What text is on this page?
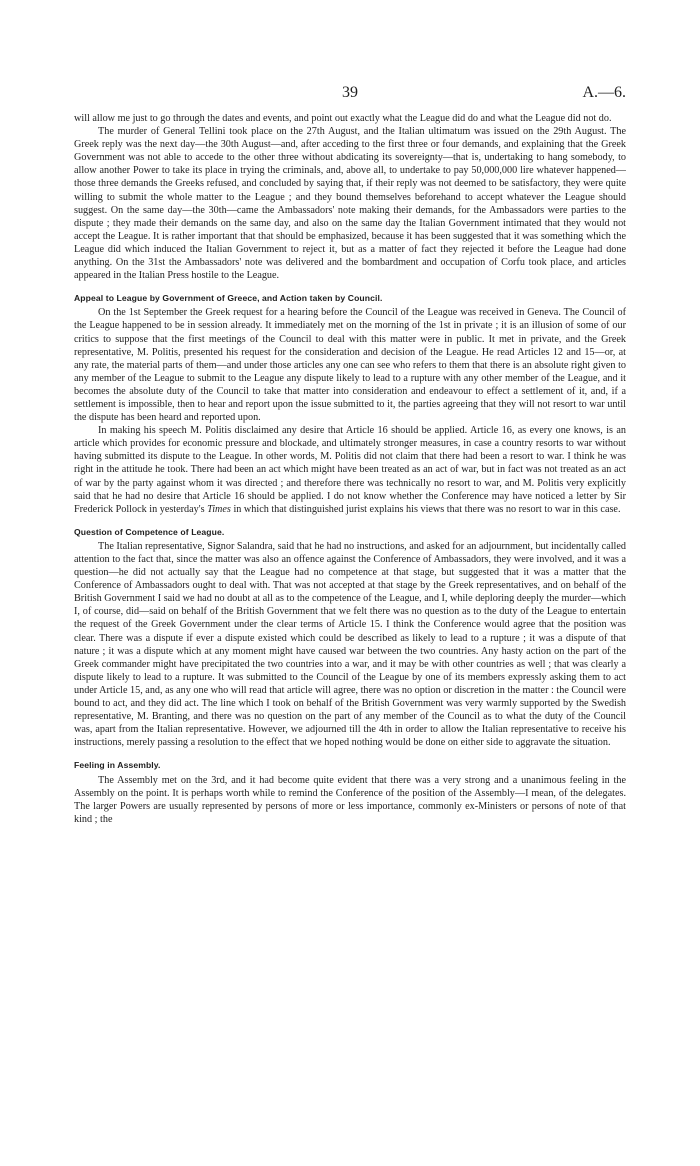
39	A.—6.

will allow me just to go through the dates and events, and point out exactly what the League did do and what the League did not do.

The murder of General Tellini took place on the 27th August, and the Italian ultimatum was issued on the 29th August. The Greek reply was the next day—the 30th August—and, after acceding to the first three or four demands, and explaining that the Greek Government was not able to accede to the other three without abdicating its sovereignty—that is, undertaking to hang somebody, to allow another Power to take its place in trying the criminals, and, above all, to undertake to pay 50,000,000 lire whatever happened—those three demands the Greeks refused, and concluded by saying that, if their reply was not deemed to be satisfactory, they were quite willing to submit the whole matter to the League ; and they bound themselves beforehand to accept whatever the League should suggest. On the same day—the 30th—came the Ambassadors' note making their demands, for the Ambassadors were parties to the dispute ; they made their demands on the same day, and also on the same day the Italian Government intimated that they would not accept the League. It is rather important that that should be emphasized, because it has been suggested that it was something which the League did which induced the Italian Government to reject it, but as a matter of fact they rejected it before the League had done anything. On the 31st the Ambassadors' note was delivered and the bombardment and occupation of Corfu took place, and articles appeared in the Italian Press hostile to the League.

Appeal to League by Government of Greece, and Action taken by Council.

On the 1st September the Greek request for a hearing before the Council of the League was received in Geneva. The Council of the League happened to be in session already. It immediately met on the morning of the 1st in private ; it is an illusion of some of our critics to suppose that the first meetings of the Council to deal with this matter were in public. It met in private, and the Greek representative, M. Politis, presented his request for the consideration and decision of the League. He read Articles 12 and 15—or, at any rate, the material parts of them—and under those articles any one can see who refers to them that there is an absolute right given to any member of the League to submit to the League any dispute likely to lead to a rupture with any other member of the League, and it becomes the absolute duty of the Council to take that matter into consideration and endeavour to effect a settlement of it, and, if a settlement is impossible, then to hear and report upon the issue submitted to it, the parties agreeing that they will not resort to war until the dispute has been heard and reported upon.

In making his speech M. Politis disclaimed any desire that Article 16 should be applied. Article 16, as every one knows, is an article which provides for economic pressure and blockade, and ultimately stronger measures, in case a country resorts to war without having submitted its dispute to the League. In other words, M. Politis did not claim that there had been a resort to war. I think he was right in the attitude he took. There had been an act which might have been treated as an act of war, but in fact was not treated as an act of war by the party against whom it was directed ; and therefore there was technically no resort to war, and M. Politis very explicitly said that he had no desire that Article 16 should be applied. I do not know whether the Conference may have noticed a letter by Sir Frederick Pollock in yesterday's Times in which that distinguished jurist explains his views that there was no resort to war in this case.

Question of Competence of League.

The Italian representative, Signor Salandra, said that he had no instructions, and asked for an adjournment, but incidentally called attention to the fact that, since the matter was also an offence against the Conference of Ambassadors, they were involved, and it was a question—he did not actually say that the League had no competence at that stage, but suggested that it was a matter that the Conference of Ambassadors ought to deal with. That was not accepted at that stage by the Greek representatives, and on behalf of the British Government I said we had no doubt at all as to the competence of the League, and I, while deploring deeply the murder—which I, of course, did—said on behalf of the British Government that we felt there was no question as to the duty of the League to entertain the request of the Greek Government under the clear terms of Article 15. I think the Conference would agree that the position was clear. There was a dispute if ever a dispute existed which could be described as likely to lead to a rupture ; it was a dispute of that nature ; it was a dispute which at any moment might have caused war between the two countries. Any hasty action on the part of the Greek commander might have precipitated the two countries into a war, and it may be with other countries as well ; that was clearly a dispute likely to lead to a rupture. It was submitted to the Council of the League by one of its members expressly asking them to act under Article 15, and, as any one who will read that article will agree, there was no option or discretion in the matter : the Council were bound to act, and they did act. The line which I took on behalf of the British Government was very warmly supported by the Swedish representative, M. Branting, and there was no question on the part of any member of the Council as to what the duty of the Council was, apart from the Italian representative. However, we adjourned till the 4th in order to allow the Italian representative to receive his instructions, merely passing a resolution to the effect that we hoped nothing would be done on either side to aggravate the situation.

Feeling in Assembly.

The Assembly met on the 3rd, and it had become quite evident that there was a very strong and a unanimous feeling in the Assembly on the point. It is perhaps worth while to remind the Conference of the position of the Assembly—I mean, of the delegates. The larger Powers are usually represented by persons of more or less importance, commonly ex-Ministers or persons of note of that kind ; the
